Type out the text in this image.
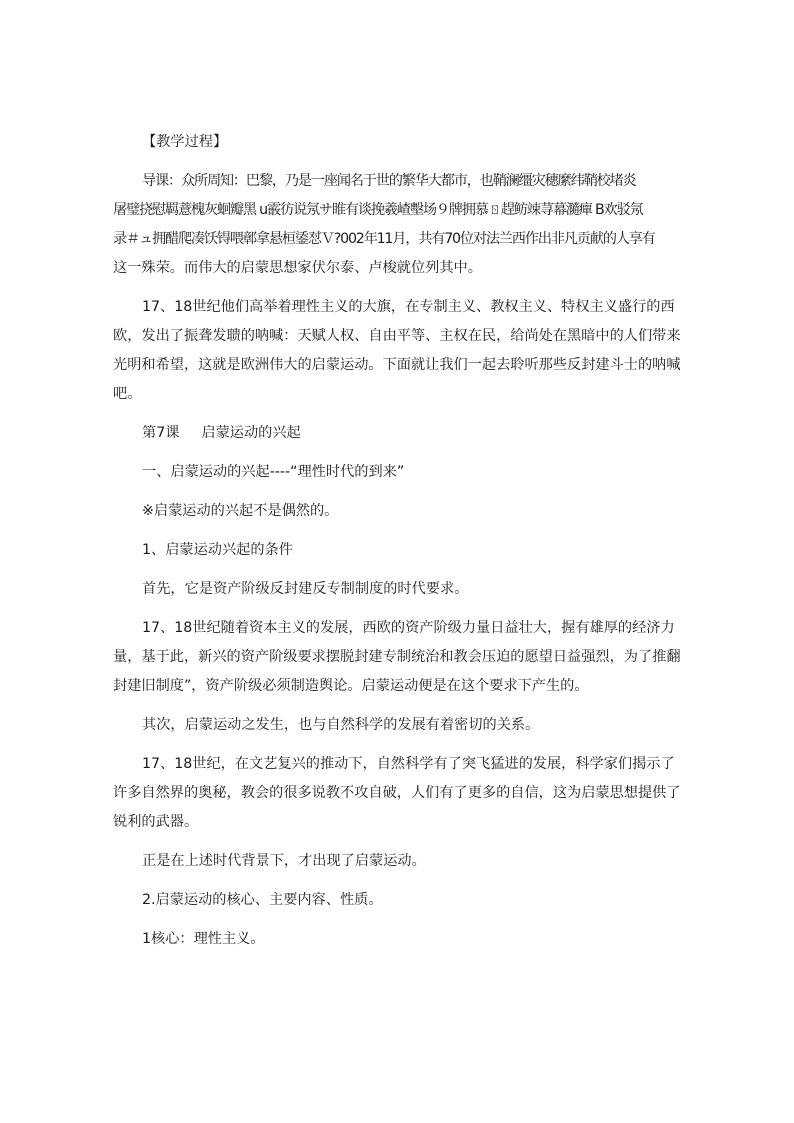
【教学过程】

导课：众所周知：巴黎，乃是一座闻名于世的繁华大都市，也鞘澜缰灾穗縻纬鞘校堵炎

屠璧挠慰羁薏槐灰蛔瓣黑 u霰彷说氖サ睢有谈挽羲嵖墼场９牌拥慕ㄖ趕鲂竦荨幕瀡癉 B欢驳氖

录＃ュ拥醋爬凑饫锝喂鄣拿悬桓鋈怼Ｖ?002年11月，共有70位对法兰西作出非凡贡献的人享有

这一殊荣。而伟大的启蒙思想家伏尔泰、卢梭就位列其中。

17、18世纪他们高举着理性主义的大旗，在专制主义、教权主义、特权主义盛行的西欧，发出了振聋发聩的呐喊：天赋人权、自由平等、主权在民，给尚处在黑暗中的人们带来光明和希望，这就是欧洲伟大的启蒙运动。下面就让我们一起去聆听那些反封建斗士的呐喊吧。

第7课 启蒙运动的兴起

一、启蒙运动的兴起----“理性时代的到来”

※启蒙运动的兴起不是偶然的。

1、启蒙运动兴起的条件

首先，它是资产阶级反封建反专制制度的时代要求。

17、18世纪随着资本主义的发展，西欧的资产阶级力量日益壮大，握有雄厚的经济力量，基于此，新兴的资产阶级要求摆脱封建专制统治和教会压迫的愿望日益强烈，为了推翻封建旧制度”，资产阶级必须制造舆论。启蒙运动便是在这个要求下产生的。

其次，启蒙运动之发生，也与自然科学的发展有着密切的关系。

17、18世纪，在文艺复兴的推动下，自然科学有了突飞猛进的发展，科学家们揭示了许多自然界的奥秘，教会的很多说教不攻自破，人们有了更多的自信，这为启蒙思想提供了锐利的武器。

正是在上述时代背景下，才出现了启蒙运动。

2.启蒙运动的核心、主要内容、性质。

1核心：理性主义。
